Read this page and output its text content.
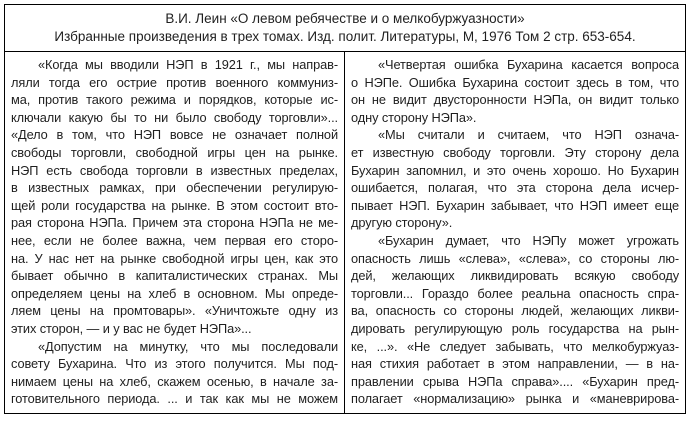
В.И. Леин «О левом ребячестве и о мелкобуржуазности»
Избранные произведения в трех томах. Изд. полит. Литературы, М, 1976 Том 2 стр. 653-654.
«Когда мы вводили НЭП в 1921 г., мы направ-
ляли тогда его острие против военного коммуниз-
ма, против такого режима и порядков, которые ис-
ключали какую бы то ни было свободу торговли»...
«Дело в том, что НЭП вовсе не означает полной
свободы торговли, свободной игры цен на рынке.
НЭП есть свобода торговли в известных пределах,
в известных рамках, при обеспечении регулирую-
щей роли государства на рынке. В этом состоит вто-
рая сторона НЭПа. Причем эта сторона НЭПа не ме-
нее, если не более важна, чем первая его сторо-
на. У нас нет на рынке свободной игры цен, как это
бывает обычно в капиталистических странах. Мы
определяем цены на хлеб в основном. Мы опреде-
ляем цены на промтовары». «Уничтожьте одну из
этих сторон, — и у вас не будет НЭПа»...
«Допустим на минутку, что мы последовали
совету Бухарина. Что из этого получится. Мы под-
нимаем цены на хлеб, скажем осенью, в начале за-
готовительного периода. ... и так как мы не можем
«Четвертая ошибка Бухарина касается вопроса
о НЭПе. Ошибка Бухарина состоит здесь в том, что
он не видит двусторонности НЭПа, он видит только
одну сторону НЭПа».
«Мы считали и считаем, что НЭП означа-
ет известную свободу торговли. Эту сторону дела
Бухарин запомнил, и это очень хорошо. Но Бухарин
ошибается, полагая, что эта сторона дела исчер-
пывает НЭП. Бухарин забывает, что НЭП имеет еще
другую сторону».
«Бухарин думает, что НЭПу может угрожать
опасность лишь «слева», «слева», со стороны лю-
дей, желающих ликвидировать всякую свободу
торговли... Гораздо более реальна опасность спра-
ва, опасность со стороны людей, желающих ликви-
дировать регулирующую роль государства на рын-
ке, ...». «Не следует забывать, что мелкобуржуаз-
ная стихия работает в этом направлении, — в на-
правлении срыва НЭПа справа».... «Бухарин пред-
полагает «нормализацию» рынка и «маневрирова-
